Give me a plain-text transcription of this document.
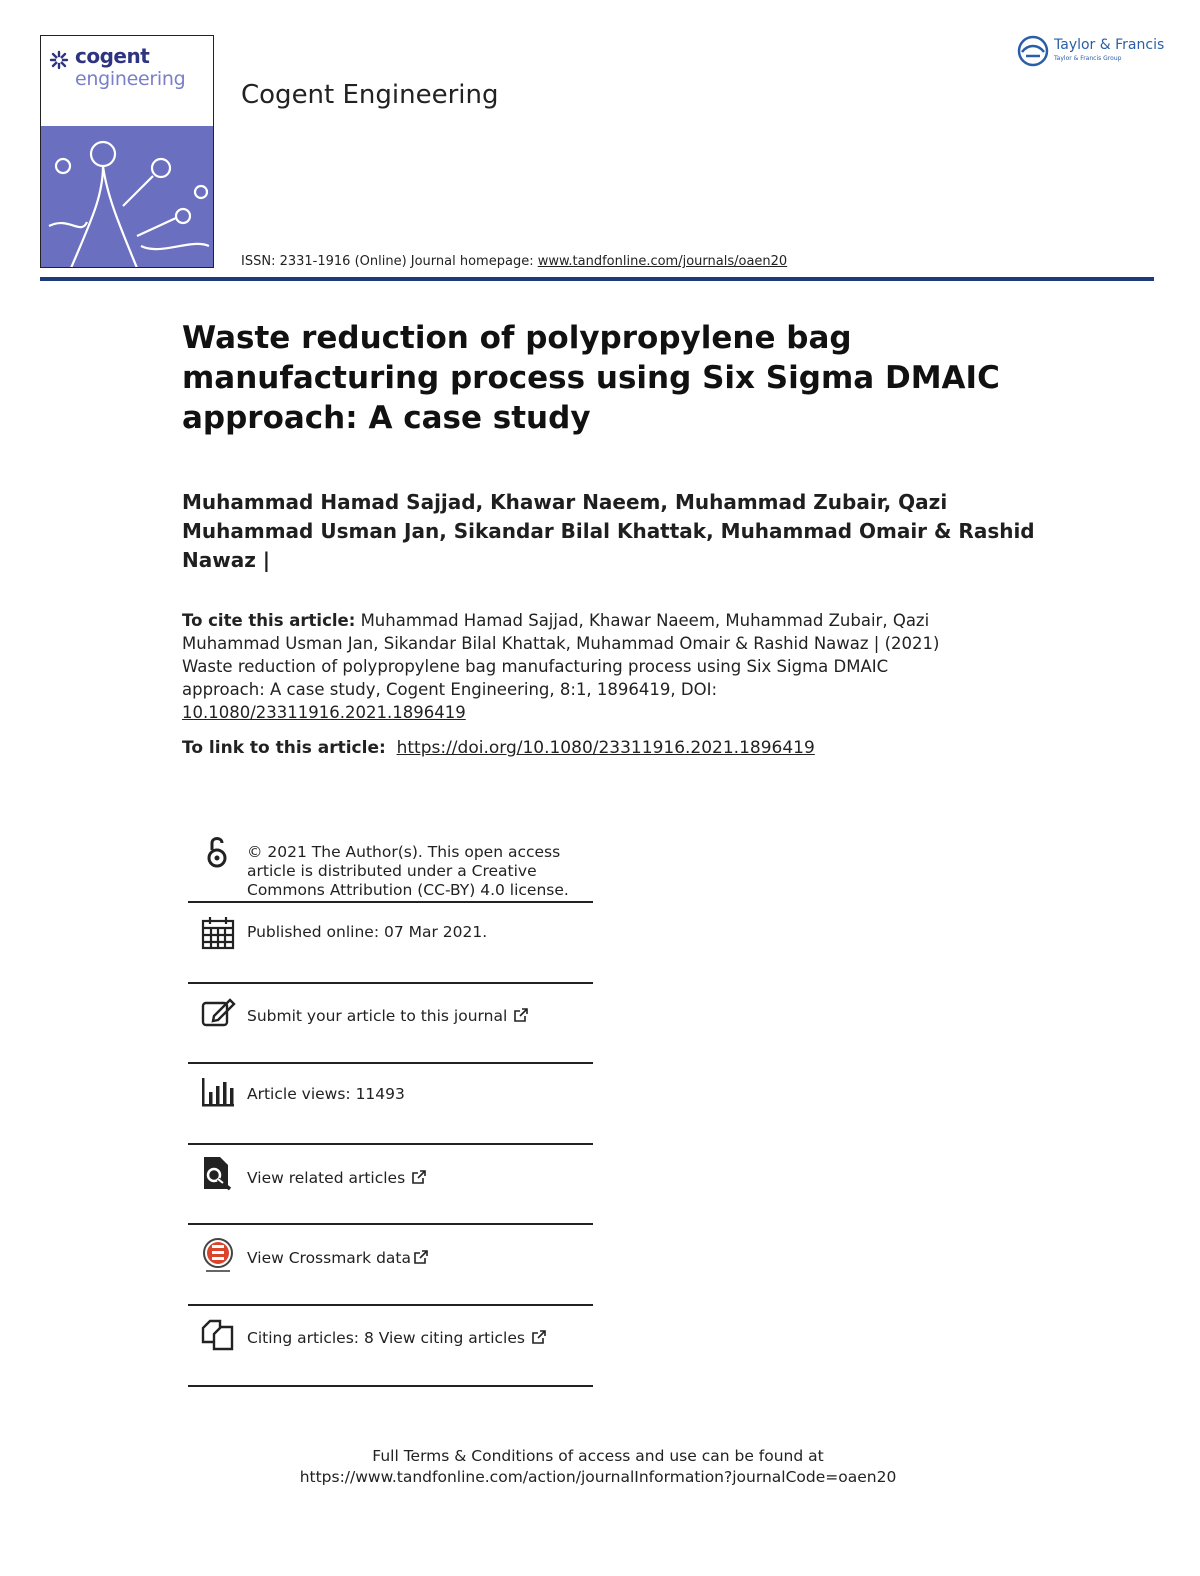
cogent
engineering
Cogent Engineering
Taylor & Francis
Taylor & Francis Group
ISSN: 2331-1916 (Online) Journal homepage: www.tandfonline.com/journals/oaen20
Waste reduction of polypropylene bag manufacturing process using Six Sigma DMAIC approach: A case study
Muhammad Hamad Sajjad, Khawar Naeem, Muhammad Zubair, Qazi Muhammad Usman Jan, Sikandar Bilal Khattak, Muhammad Omair & Rashid Nawaz |
To cite this article: Muhammad Hamad Sajjad, Khawar Naeem, Muhammad Zubair, Qazi Muhammad Usman Jan, Sikandar Bilal Khattak, Muhammad Omair & Rashid Nawaz | (2021) Waste reduction of polypropylene bag manufacturing process using Six Sigma DMAIC approach: A case study, Cogent Engineering, 8:1, 1896419, DOI: 10.1080/23311916.2021.1896419
To link to this article: https://doi.org/10.1080/23311916.2021.1896419
© 2021 The Author(s). This open access article is distributed under a Creative Commons Attribution (CC-BY) 4.0 license.
Published online: 07 Mar 2021.
Submit your article to this journal
Article views: 11493
View related articles
View Crossmark data
Citing articles: 8 View citing articles
Full Terms & Conditions of access and use can be found at
https://www.tandfonline.com/action/journalInformation?journalCode=oaen20
